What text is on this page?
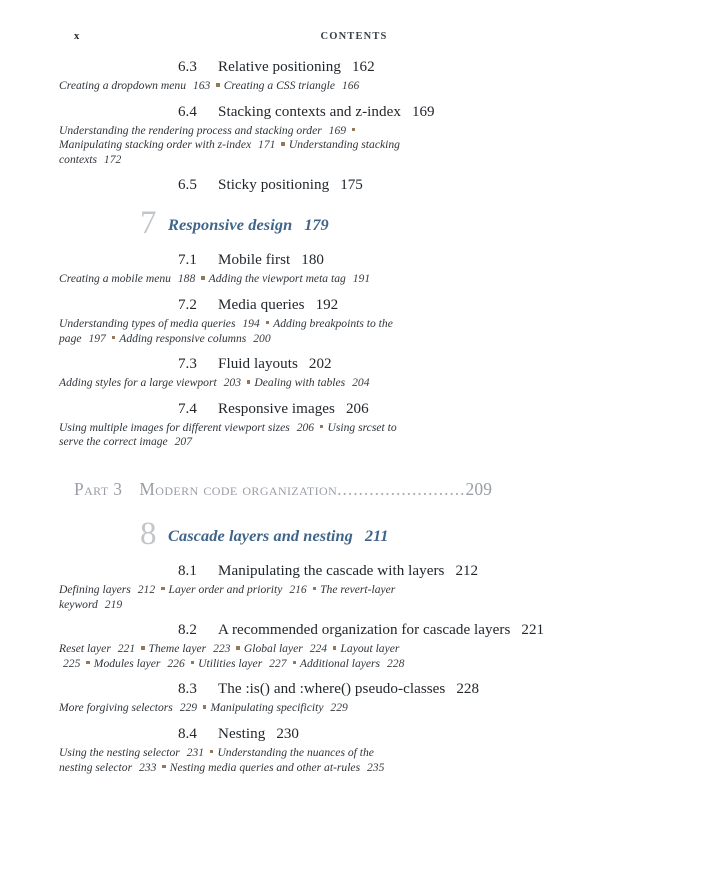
x	CONTENTS
6.3 Relative positioning 162
Creating a dropdown menu 163 Creating a CSS triangle 166
6.4 Stacking contexts and z-index 169
Understanding the rendering process and stacking order 169Manipulating stacking order with z-index 171 Understanding stacking contexts 172
6.5 Sticky positioning 175
7 Responsive design 179
7.1 Mobile first 180
Creating a mobile menu 188 Adding the viewport meta tag 191
7.2 Media queries 192
Understanding types of media queries 194 Adding breakpoints to the page 197 Adding responsive columns 200
7.3 Fluid layouts 202
Adding styles for a large viewport 203 Dealing with tables 204
7.4 Responsive images 206
Using multiple images for different viewport sizes 206 Using srcset to serve the correct image 207
Part 3 Modern code organization........................209
8 Cascade layers and nesting 211
8.1 Manipulating the cascade with layers 212
Defining layers 212 Layer order and priority 216 The revert-layer keyword 219
8.2 A recommended organization for cascade layers 221
Reset layer 221 Theme layer 223 Global layer 224 Layout layer 225 Modules layer 226 Utilities layer 227 Additional layers 228
8.3 The :is() and :where() pseudo-classes 228
More forgiving selectors 229 Manipulating specificity 229
8.4 Nesting 230
Using the nesting selector 231 Understanding the nuances of the nesting selector 233 Nesting media queries and other at-rules 235
